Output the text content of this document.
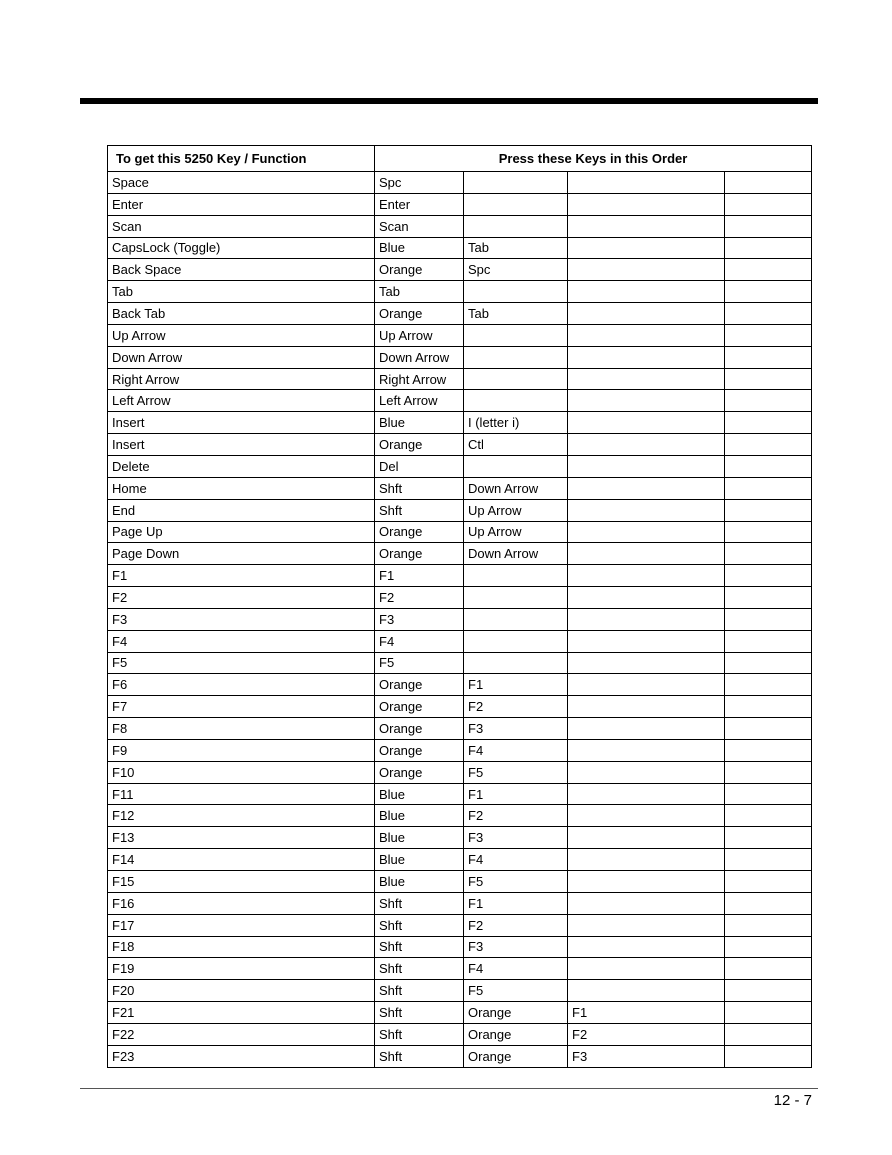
To get this 5250 Key / Function	Press these Keys in this Order			
Space	Spc			
Enter	Enter			
Scan	Scan			
CapsLock (Toggle)	Blue	Tab		
Back Space	Orange	Spc		
Tab	Tab			
Back Tab	Orange	Tab		
Up Arrow	Up Arrow			
Down Arrow	Down Arrow			
Right Arrow	Right Arrow			
Left Arrow	Left Arrow			
Insert	Blue	I (letter i)		
Insert	Orange	Ctl		
Delete	Del			
Home	Shft	Down Arrow		
End	Shft	Up Arrow		
Page Up	Orange	Up Arrow		
Page Down	Orange	Down Arrow		
F1	F1			
F2	F2			
F3	F3			
F4	F4			
F5	F5			
F6	Orange	F1		
F7	Orange	F2		
F8	Orange	F3		
F9	Orange	F4		
F10	Orange	F5		
F11	Blue	F1		
F12	Blue	F2		
F13	Blue	F3		
F14	Blue	F4		
F15	Blue	F5		
F16	Shft	F1		
F17	Shft	F2		
F18	Shft	F3		
F19	Shft	F4		
F20	Shft	F5		
F21	Shft	Orange	F1	
F22	Shft	Orange	F2	
F23	Shft	Orange	F3	
12 - 7
